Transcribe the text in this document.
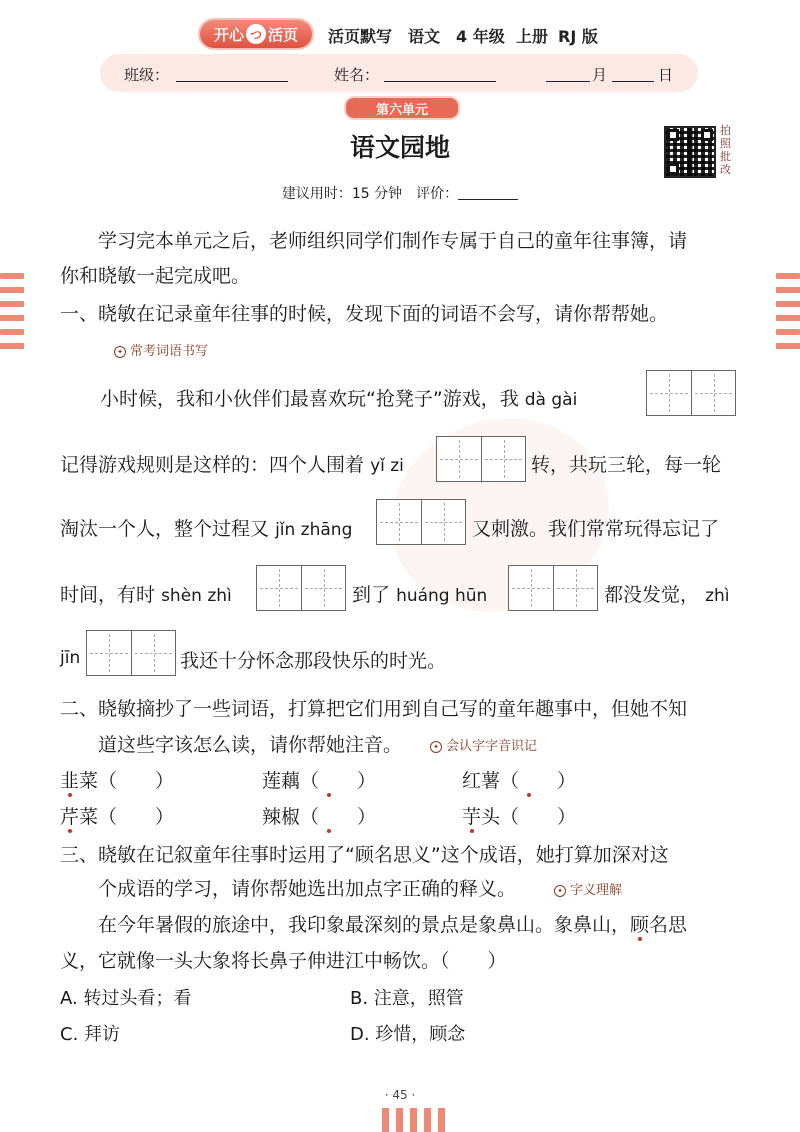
开心 つ 活页 活页默写 语文 4 年级 上册 RJ 版
班级：	姓名：	月	日
第六单元
语文园地
拍照批改
建议用时：15 分钟　评价：
学习完本单元之后，老师组织同学们制作专属于自己的童年往事簿，请
你和晓敏一起完成吧。
一、晓敏在记录童年往事的时候，发现下面的词语不会写，请你帮帮她。
✦ 常考词语书写
小时候，我和小伙伴们最喜欢玩“抢凳子”游戏，我 dà gài
记得游戏规则是这样的：四个人围着 yǐ zi	转，共玩三轮，每一轮
淘汰一个人，整个过程又 jǐn zhāng	又刺激。我们常常玩得忘记了
时间，有时 shèn zhì	到了 huáng hūn	都没发觉， zhì
jīn	我还十分怀念那段快乐的时光。
二、晓敏摘抄了一些词语，打算把它们用到自己写的童年趣事中，但她不知
道这些字该怎么读，请你帮她注音。	✦ 会认字字音识记
韭菜（　　）	莲藕（　　）	红薯（　　）
芹菜（　　）	辣椒（　　）	芋头（　　）
三、晓敏在记叙童年往事时运用了“顾名思义”这个成语，她打算加深对这
个成语的学习，请你帮她选出加点字正确的释义。	✦ 字义理解
在今年暑假的旅途中，我印象最深刻的景点是象鼻山。象鼻山，顾名思
义，它就像一头大象将长鼻子伸进江中畅饮。（　　）
A. 转过头看；看	B. 注意，照管
C. 拜访	D. 珍惜，顾念
· 45 ·
